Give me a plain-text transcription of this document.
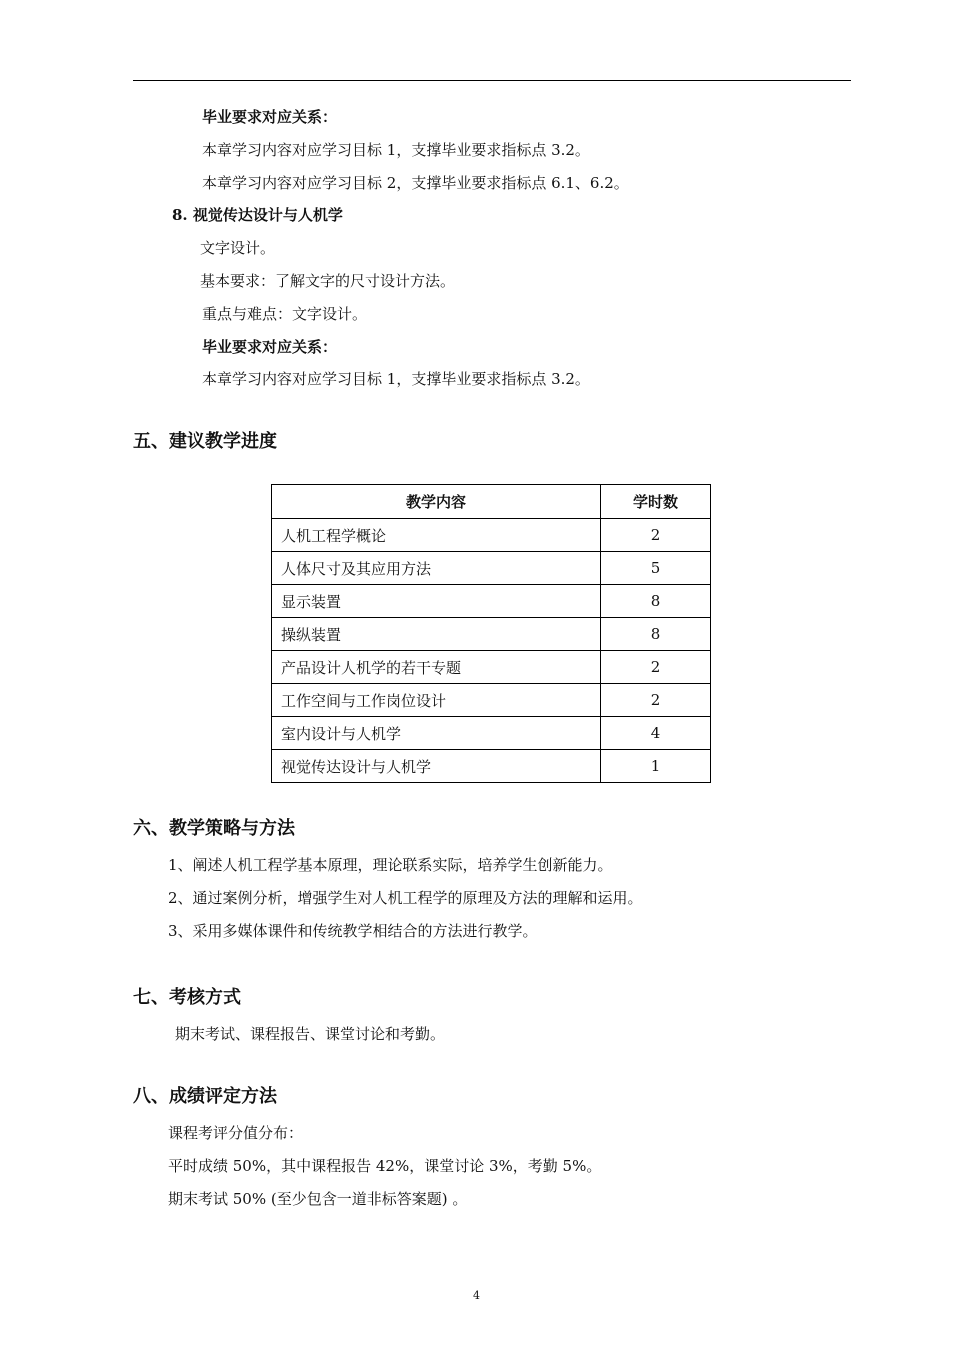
毕业要求对应关系：
本章学习内容对应学习目标 1，支撑毕业要求指标点 3.2。
本章学习内容对应学习目标 2，支撑毕业要求指标点 6.1、6.2。
8. 视觉传达设计与人机学
文字设计。
基本要求：了解文字的尺寸设计方法。
重点与难点：文字设计。
毕业要求对应关系：
本章学习内容对应学习目标 1，支撑毕业要求指标点 3.2。
五、建议教学进度
教学内容	学时数
人机工程学概论	2
人体尺寸及其应用方法	5
显示装置	8
操纵装置	8
产品设计人机学的若干专题	2
工作空间与工作岗位设计	2
室内设计与人机学	4
视觉传达设计与人机学	1
六、教学策略与方法
1、阐述人机工程学基本原理，理论联系实际，培养学生创新能力。
2、通过案例分析，增强学生对人机工程学的原理及方法的理解和运用。
3、采用多媒体课件和传统教学相结合的方法进行教学。
七、考核方式
期末考试、课程报告、课堂讨论和考勤。
八、成绩评定方法
课程考评分值分布：
平时成绩 50%，其中课程报告 42%，课堂讨论 3%，考勤 5%。
期末考试 50% (至少包含一道非标答案题) 。
4
